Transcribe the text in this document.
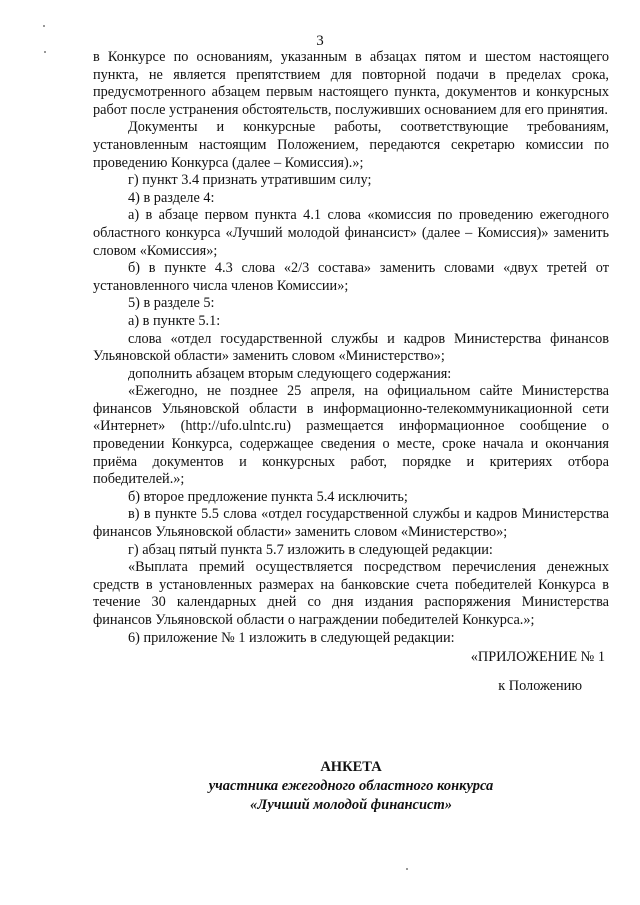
3

в Конкурсе по основаниям, указанным в абзацах пятом и шестом настоящего пункта, не является препятствием для повторной подачи в пределах срока, предусмотренного абзацем первым настоящего пункта, документов и конкурсных работ после устранения обстоятельств, послуживших основанием для его принятия.

Документы и конкурсные работы, соответствующие требованиям, установленным настоящим Положением, передаются секретарю комиссии по проведению Конкурса (далее – Комиссия).»;

г) пункт 3.4 признать утратившим силу;

4) в разделе 4:

а) в абзаце первом пункта 4.1 слова «комиссия по проведению ежегодного областного конкурса «Лучший молодой финансист» (далее – Комиссия)» заменить словом «Комиссия»;

б) в пункте 4.3 слова «2/3 состава» заменить словами «двух третей от установленного числа членов Комиссии»;

5) в разделе 5:

а) в пункте 5.1:

слова «отдел государственной службы и кадров Министерства финансов Ульяновской области» заменить словом «Министерство»;

дополнить абзацем вторым следующего содержания:

«Ежегодно, не позднее 25 апреля, на официальном сайте Министерства финансов Ульяновской области в информационно-телекоммуникационной сети «Интернет» (http://ufo.ulntc.ru) размещается информационное сообщение о проведении Конкурса, содержащее сведения о месте, сроке начала и окончания приёма документов и конкурсных работ, порядке и критериях отбора победителей.»;

б) второе предложение пункта 5.4 исключить;

в) в пункте 5.5 слова «отдел государственной службы и кадров Министерства финансов Ульяновской области» заменить словом «Министерство»;

г) абзац пятый пункта 5.7 изложить в следующей редакции:

«Выплата премий осуществляется посредством перечисления денежных средств в установленных размерах на банковские счета победителей Конкурса в течение 30 календарных дней со дня издания распоряжения Министерства финансов Ульяновской области о награждении победителей Конкурса.»;

6) приложение № 1 изложить в следующей редакции:

«ПРИЛОЖЕНИЕ № 1

к Положению

АНКЕТА
участника ежегодного областного конкурса
«Лучший молодой финансист»
